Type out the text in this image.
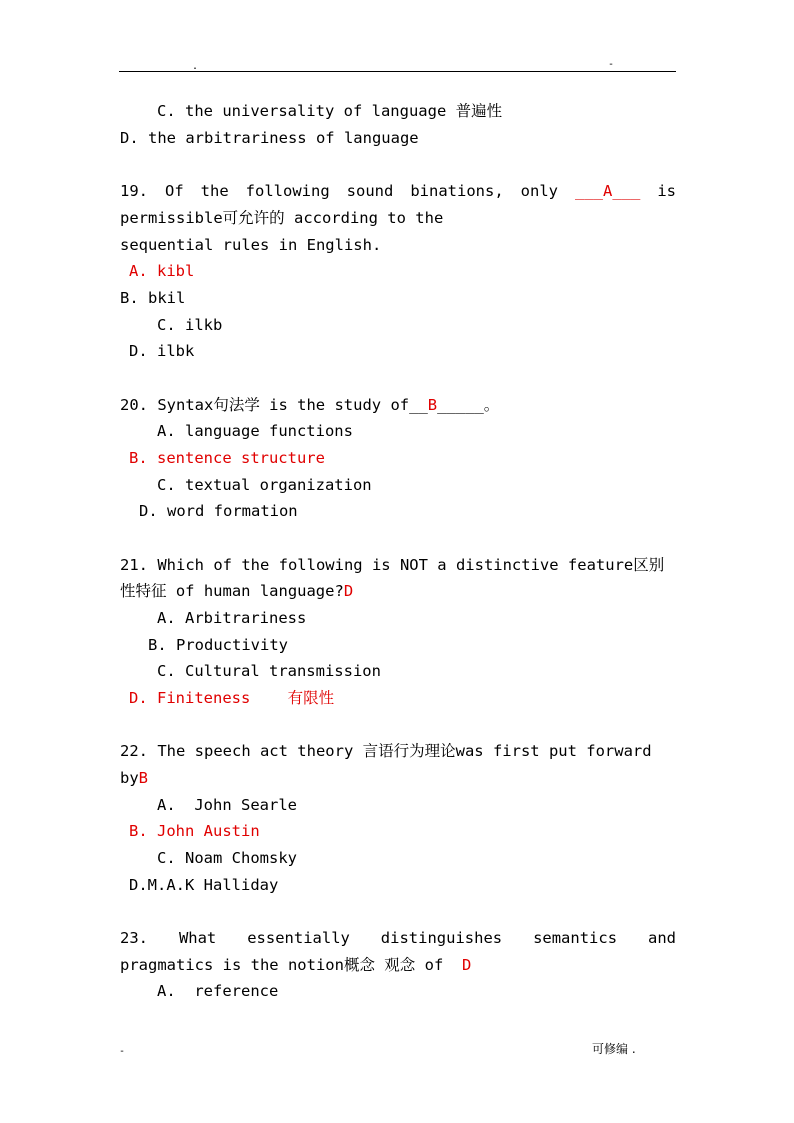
.	-
C. the universality of language 普遍性
D. the arbitrariness of language
19. Of the following sound binations, only ___A___ is
permissible可允许的 according to the
sequential rules in English.
A. kibl
B. bkil
C. ilkb
D. ilbk
20. Syntax句法学 is the study of__B_____。
A. language functions
B. sentence structure
C. textual organization
D. word formation
21. Which of the following is NOT a distinctive feature区别
性特征 of human language?D
A. Arbitrariness
B. Productivity
C. Cultural transmission
D. Finiteness    有限性
22. The speech act theory 言语行为理论was first put forward
byB
A.  John Searle
B. John Austin
C. Noam Chomsky
D.M.A.K Halliday
23. What essentially distinguishes semantics and
pragmatics is the notion概念 观念 of  D
A.  reference
-	可修编 .
